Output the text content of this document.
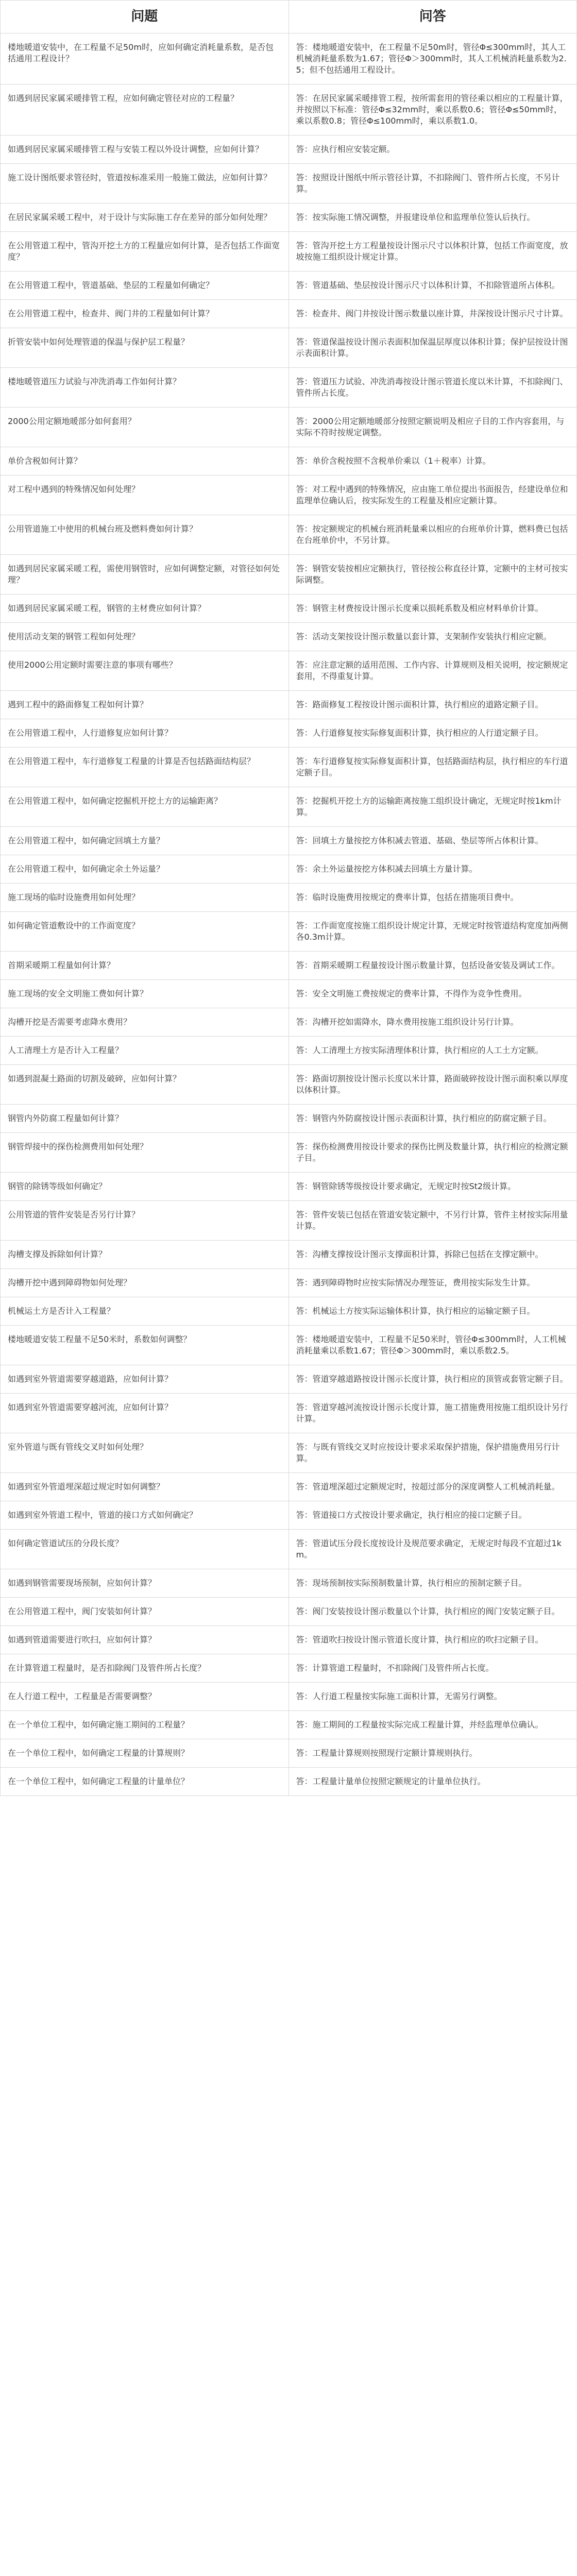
问题	问答
楼地暖道安装中，在工程量不足50m时，应如何确定消耗量系数，是否包括通用工程设计？	答：楼地暖道安装中，在工程量不足50m时，管径Φ≤300mm时，其人工机械消耗量系数为1.67；管径Φ＞300mm时，其人工机械消耗量系数为2.5；但不包括通用工程设计。
如遇到居民家属采暖排管工程，应如何确定管径对应的工程量？	答：在居民家属采暖排管工程，按所需套用的管径乘以相应的工程量计算，并按照以下标准：管径Φ≤32mm时，乘以系数0.6；管径Φ≤50mm时，乘以系数0.8；管径Φ≤100mm时，乘以系数1.0。
如遇到居民家属采暖排管工程与安装工程以外设计调整，应如何计算？	答：应执行相应安装定额。
施工设计图纸要求管径时，管道按标准采用一般施工做法，应如何计算？	答：按照设计图纸中所示管径计算，不扣除阀门、管件所占长度，不另计算。
在居民家属采暖工程中，对于设计与实际施工存在差异的部分如何处理？	答：按实际施工情况调整，并报建设单位和监理单位签认后执行。
在公用管道工程中，管沟开挖土方的工程量应如何计算，是否包括工作面宽度？	答：管沟开挖土方工程量按设计图示尺寸以体积计算，包括工作面宽度，放坡按施工组织设计规定计算。
在公用管道工程中，管道基础、垫层的工程量如何确定？	答：管道基础、垫层按设计图示尺寸以体积计算，不扣除管道所占体积。
在公用管道工程中，检查井、阀门井的工程量如何计算？	答：检查井、阀门井按设计图示数量以座计算，井深按设计图示尺寸计算。
折管安装中如何处理管道的保温与保护层工程量？	答：管道保温按设计图示表面积加保温层厚度以体积计算；保护层按设计图示表面积计算。
楼地暖管道压力试验与冲洗消毒工作如何计算？	答：管道压力试验、冲洗消毒按设计图示管道长度以米计算，不扣除阀门、管件所占长度。
2000公用定额地暖部分如何套用？	答：2000公用定额地暖部分按照定额说明及相应子目的工作内容套用，与实际不符时按规定调整。
单价含税如何计算？	答：单价含税按照不含税单价乘以（1＋税率）计算。
对工程中遇到的特殊情况如何处理？	答：对工程中遇到的特殊情况，应由施工单位提出书面报告，经建设单位和监理单位确认后，按实际发生的工程量及相应定额计算。
公用管道施工中使用的机械台班及燃料费如何计算？	答：按定额规定的机械台班消耗量乘以相应的台班单价计算，燃料费已包括在台班单价中，不另计算。
如遇到居民家属采暖工程，需使用钢管时，应如何调整定额，对管径如何处理？	答：钢管安装按相应定额执行，管径按公称直径计算，定额中的主材可按实际调整。
如遇到居民家属采暖工程，钢管的主材费应如何计算？	答：钢管主材费按设计图示长度乘以损耗系数及相应材料单价计算。
使用活动支架的钢管工程如何处理？	答：活动支架按设计图示数量以套计算，支架制作安装执行相应定额。
使用2000公用定额时需要注意的事项有哪些？	答：应注意定额的适用范围、工作内容、计算规则及相关说明，按定额规定套用，不得重复计算。
遇到工程中的路面修复工程如何计算？	答：路面修复工程按设计图示面积计算，执行相应的道路定额子目。
在公用管道工程中，人行道修复应如何计算？	答：人行道修复按实际修复面积计算，执行相应的人行道定额子目。
在公用管道工程中，车行道修复工程量的计算是否包括路面结构层？	答：车行道修复按实际修复面积计算，包括路面结构层，执行相应的车行道定额子目。
在公用管道工程中，如何确定挖掘机开挖土方的运输距离？	答：挖掘机开挖土方的运输距离按施工组织设计确定，无规定时按1km计算。
在公用管道工程中，如何确定回填土方量？	答：回填土方量按挖方体积减去管道、基础、垫层等所占体积计算。
在公用管道工程中，如何确定余土外运量？	答：余土外运量按挖方体积减去回填土方量计算。
施工现场的临时设施费用如何处理？	答：临时设施费用按规定的费率计算，包括在措施项目费中。
如何确定管道敷设中的工作面宽度？	答：工作面宽度按施工组织设计规定计算，无规定时按管道结构宽度加两侧各0.3m计算。
首期采暖期工程量如何计算？	答：首期采暖期工程量按设计图示数量计算，包括设备安装及调试工作。
施工现场的安全文明施工费如何计算？	答：安全文明施工费按规定的费率计算，不得作为竞争性费用。
沟槽开挖是否需要考虑降水费用？	答：沟槽开挖如需降水，降水费用按施工组织设计另行计算。
人工清理土方是否计入工程量？	答：人工清理土方按实际清理体积计算，执行相应的人工土方定额。
如遇到混凝土路面的切割及破碎，应如何计算？	答：路面切割按设计图示长度以米计算，路面破碎按设计图示面积乘以厚度以体积计算。
钢管内外防腐工程量如何计算？	答：钢管内外防腐按设计图示表面积计算，执行相应的防腐定额子目。
钢管焊接中的探伤检测费用如何处理？	答：探伤检测费用按设计要求的探伤比例及数量计算，执行相应的检测定额子目。
钢管的除锈等级如何确定？	答：钢管除锈等级按设计要求确定，无规定时按St2级计算。
公用管道的管件安装是否另行计算？	答：管件安装已包括在管道安装定额中，不另行计算，管件主材按实际用量计算。
沟槽支撑及拆除如何计算？	答：沟槽支撑按设计图示支撑面积计算，拆除已包括在支撑定额中。
沟槽开挖中遇到障碍物如何处理？	答：遇到障碍物时应按实际情况办理签证，费用按实际发生计算。
机械运土方是否计入工程量？	答：机械运土方按实际运输体积计算，执行相应的运输定额子目。
楼地暖道安装工程量不足50米时，系数如何调整？	答：楼地暖道安装中，工程量不足50米时，管径Φ≤300mm时，人工机械消耗量乘以系数1.67；管径Φ＞300mm时，乘以系数2.5。
如遇到室外管道需要穿越道路，应如何计算？	答：管道穿越道路按设计图示长度计算，执行相应的顶管或套管定额子目。
如遇到室外管道需要穿越河流，应如何计算？	答：管道穿越河流按设计图示长度计算，施工措施费用按施工组织设计另行计算。
室外管道与既有管线交叉时如何处理？	答：与既有管线交叉时应按设计要求采取保护措施，保护措施费用另行计算。
如遇到室外管道埋深超过规定时如何调整？	答：管道埋深超过定额规定时，按超过部分的深度调整人工机械消耗量。
如遇到室外管道工程中，管道的接口方式如何确定？	答：管道接口方式按设计要求确定，执行相应的接口定额子目。
如何确定管道试压的分段长度？	答：管道试压分段长度按设计及规范要求确定，无规定时每段不宜超过1km。
如遇到钢管需要现场预制，应如何计算？	答：现场预制按实际预制数量计算，执行相应的预制定额子目。
在公用管道工程中，阀门安装如何计算？	答：阀门安装按设计图示数量以个计算，执行相应的阀门安装定额子目。
如遇到管道需要进行吹扫，应如何计算？	答：管道吹扫按设计图示管道长度计算，执行相应的吹扫定额子目。
在计算管道工程量时，是否扣除阀门及管件所占长度？	答：计算管道工程量时，不扣除阀门及管件所占长度。
在人行道工程中，工程量是否需要调整？	答：人行道工程量按实际施工面积计算，无需另行调整。
在一个单位工程中，如何确定施工期间的工程量？	答：施工期间的工程量按实际完成工程量计算，并经监理单位确认。
在一个单位工程中，如何确定工程量的计算规则？	答：工程量计算规则按照现行定额计算规则执行。
在一个单位工程中，如何确定工程量的计量单位？	答：工程量计量单位按照定额规定的计量单位执行。
